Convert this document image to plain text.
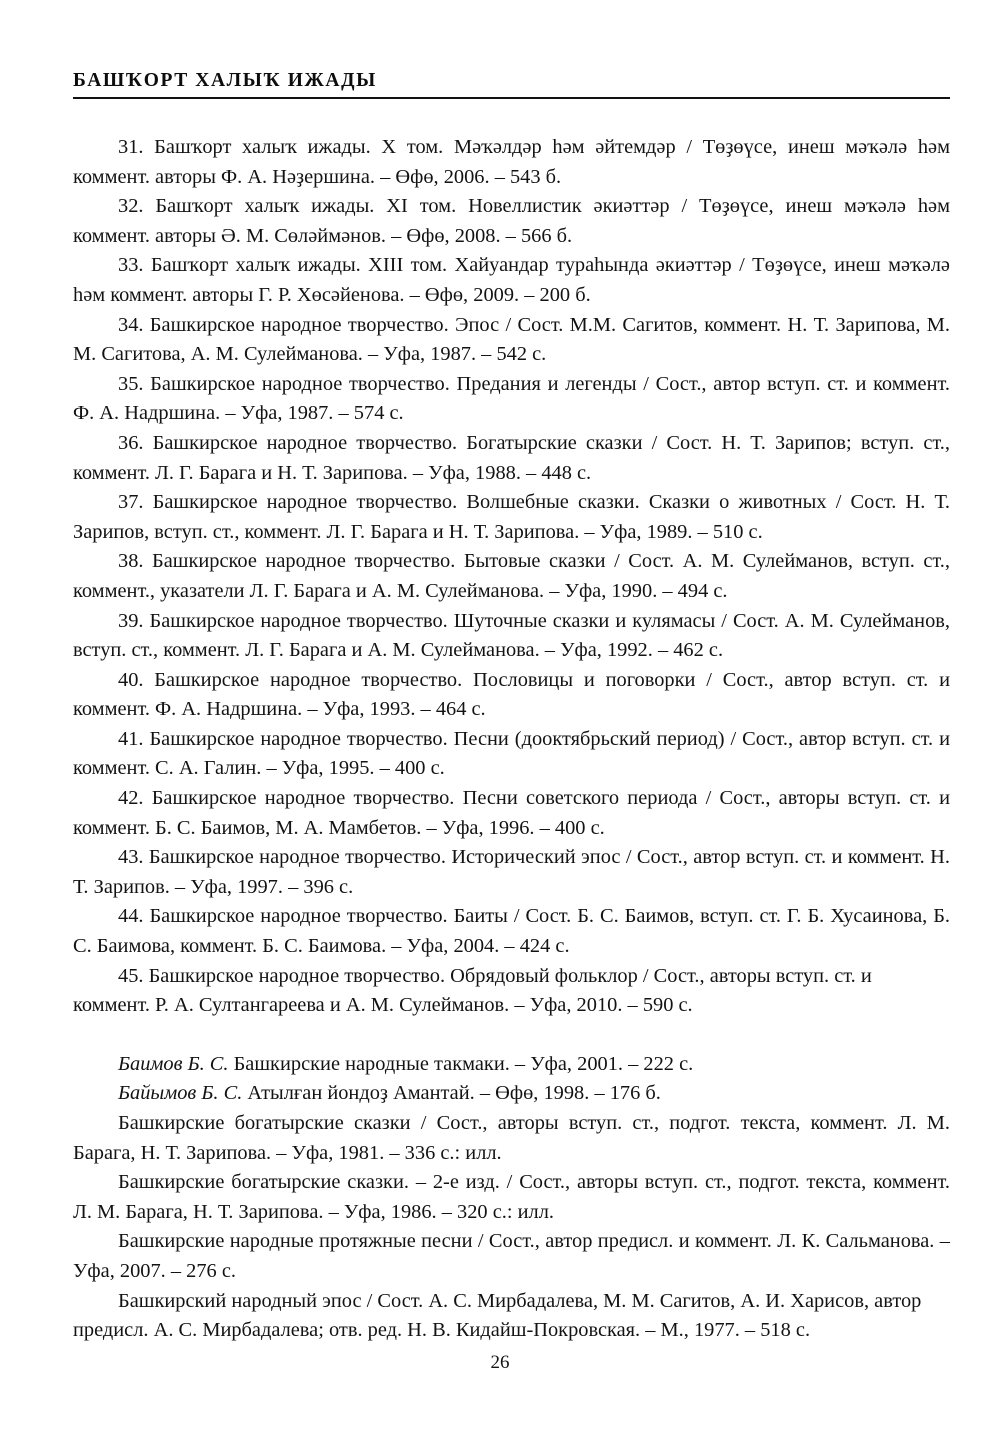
БАШҠОРТ ХАЛЫҠ ИЖАДЫ

31. Башҡорт халыҡ ижады. X том. Мәҡәлдәр һәм әйтемдәр / Төҙөүсе, инеш мәҡәлә һәм коммент. авторы Ф. А. Нәҙершина. – Өфө, 2006. – 543 б.

32. Башҡорт халыҡ ижады. XI том. Новеллистик әкиәттәр / Төҙөүсе, инеш мәҡәлә һәм коммент. авторы Ә. М. Сөләймәнов. – Өфө, 2008. – 566 б.

33. Башҡорт халыҡ ижады. XIII том. Хайуандар тураһында әкиәттәр / Төҙөүсе, инеш мәҡәлә һәм коммент. авторы Г. Р. Хөсәйенова. – Өфө, 2009. – 200 б.

34. Башкирское народное творчество. Эпос / Сост. М.М. Сагитов, коммент. Н. Т. Зарипова, М. М. Сагитова, А. М. Сулейманова. – Уфа, 1987. – 542 с.

35. Башкирское народное творчество. Предания и легенды / Сост., автор вступ. ст. и коммент. Ф. А. Надршина. – Уфа, 1987. – 574 с.

36. Башкирское народное творчество. Богатырские сказки / Сост. Н. Т. Зарипов; вступ. ст., коммент. Л. Г. Барага и Н. Т. Зарипова. – Уфа, 1988. – 448 с.

37. Башкирское народное творчество. Волшебные сказки. Сказки о животных / Сост. Н. Т. Зарипов, вступ. ст., коммент. Л. Г. Барага и Н. Т. Зарипова. – Уфа, 1989. – 510 с.

38. Башкирское народное творчество. Бытовые сказки / Сост. А. М. Сулейманов, вступ. ст., коммент., указатели Л. Г. Барага и А. М. Сулейманова. – Уфа, 1990. – 494 с.

39. Башкирское народное творчество. Шуточные сказки и кулямасы / Сост. А. М. Сулейманов, вступ. ст., коммент. Л. Г. Барага и А. М. Сулейманова. – Уфа, 1992. – 462 с.

40. Башкирское народное творчество. Пословицы и поговорки / Сост., автор вступ. ст. и коммент. Ф. А. Надршина. – Уфа, 1993. – 464 с.

41. Башкирское народное творчество. Песни (дооктябрьский период) / Сост., автор вступ. ст. и коммент. С. А. Галин. – Уфа, 1995. – 400 с.

42. Башкирское народное творчество. Песни советского периода / Сост., авторы вступ. ст. и коммент. Б. С. Баимов, М. А. Мамбетов. – Уфа, 1996. – 400 с.

43. Башкирское народное творчество. Исторический эпос / Сост., автор вступ. ст. и коммент. Н. Т. Зарипов. – Уфа, 1997. – 396 с.

44. Башкирское народное творчество. Баиты / Сост. Б. С. Баимов, вступ. ст. Г. Б. Хусаинова, Б. С. Баимова, коммент. Б. С. Баимова. – Уфа, 2004. – 424 с.

45. Башкирское народное творчество. Обрядовый фольклор / Сост., авторы вступ. ст. и коммент. Р. А. Султангареева и А. М. Сулейманов. – Уфа, 2010. – 590 с.

Баимов Б. С. Башкирские народные такмаки. – Уфа, 2001. – 222 с.

Байымов Б. С. Атылған йондоҙ Амантай. – Өфө, 1998. – 176 б.

Башкирские богатырские сказки / Сост., авторы вступ. ст., подгот. текста, коммент. Л. М. Барага, Н. Т. Зарипова. – Уфа, 1981. – 336 с.: илл.

Башкирские богатырские сказки. – 2-е изд. / Сост., авторы вступ. ст., подгот. текста, коммент. Л. М. Барага, Н. Т. Зарипова. – Уфа, 1986. – 320 с.: илл.

Башкирские народные протяжные песни / Сост., автор предисл. и коммент. Л. К. Сальманова. – Уфа, 2007. – 276 с.

Башкирский народный эпос / Сост. А. С. Мирбадалева, М. М. Сагитов, А. И. Харисов, автор предисл. А. С. Мирбадалева; отв. ред. Н. В. Кидайш-Покровская. – М., 1977. – 518 с.

26
